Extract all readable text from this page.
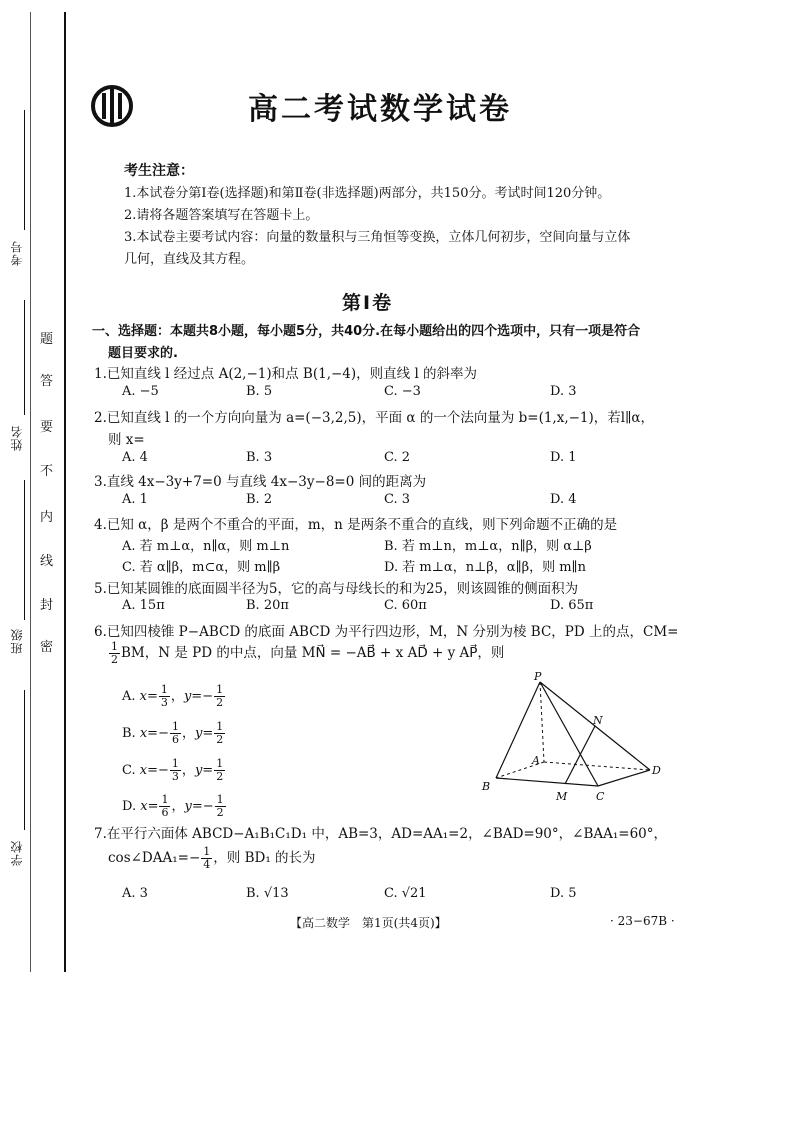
考号
姓名
班级
学校
题
答
要
不
内
线
封
密
高二考试数学试卷
考生注意：
1.本试卷分第Ⅰ卷(选择题)和第Ⅱ卷(非选择题)两部分，共150分。考试时间120分钟。
2.请将各题答案填写在答题卡上。
3.本试卷主要考试内容：向量的数量积与三角恒等变换，立体几何初步，空间向量与立体
几何，直线及其方程。
第Ⅰ卷
一、选择题：本题共8小题，每小题5分，共40分.在每小题给出的四个选项中，只有一项是符合
题目要求的.
1.已知直线 l 经过点 A(2,−1)和点 B(1,−4)，则直线 l 的斜率为
A. −5	B. 5	C. −3	D. 3
2.已知直线 l 的一个方向向量为 a=(−3,2,5)，平面 α 的一个法向量为 b=(1,x,−1)，若l∥α，
则 x=
A. 4	B. 3	C. 2	D. 1
3.直线 4x−3y+7=0 与直线 4x−3y−8=0 间的距离为
A. 1	B. 2	C. 3	D. 4
4.已知 α，β 是两个不重合的平面，m，n 是两条不重合的直线，则下列命题不正确的是
A. 若 m⊥α，n∥α，则 m⊥n	B. 若 m⊥n，m⊥α，n∥β，则 α⊥β
C. 若 α∥β，m⊂α，则 m∥β	D. 若 m⊥α，n⊥β，α∥β，则 m∥n
5.已知某圆锥的底面圆半径为5，它的高与母线长的和为25，则该圆锥的侧面积为
A. 15π	B. 20π	C. 60π	D. 65π
6.已知四棱锥 P−ABCD 的底面 ABCD 为平行四边形，M，N 分别为棱 BC，PD 上的点，CM=
$\frac{1}{2}$ BM，N 是 PD 的中点，向量 MN⃗ = −AB⃗ + x AD⃗ + y AP⃗，则
A. $x= \frac{1}{3}$ ，$y=- \frac{1}{2}$
B. $x=- \frac{1}{6}$ ，$y= \frac{1}{2}$
C. $x=- \frac{1}{3}$ ，$y= \frac{1}{2}$
D. $x= \frac{1}{6}$ ，$y=- \frac{1}{2}$
P
N
A
D
B
M	C
7.在平行六面体 ABCD−A₁B₁C₁D₁ 中，AB=3，AD=AA₁=2，∠BAD=90°，∠BAA₁=60°，
cos∠DAA₁=− $\frac{1}{4}$ ，则 BD₁ 的长为
A. 3	B. √13	C. √21	D. 5
【高二数学　第1页(共4页)】	· 23−67B ·
